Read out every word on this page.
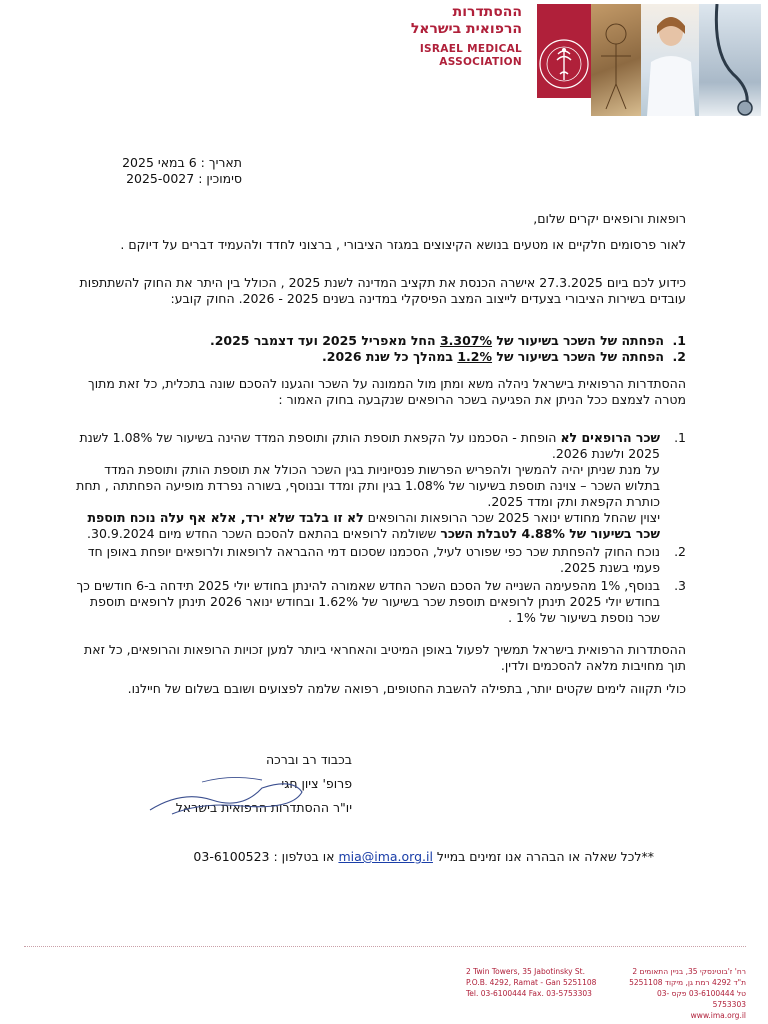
ההסתדרות
הרפואית בישראל
ISRAEL MEDICAL
ASSOCIATION
תאריך : 6 במאי 2025
סימוכין : 2025-0027
רופאות ורופאים יקרים שלום,
לאור פרסומים חלקיים או מטעים בנושא הקיצוצים במגזר הציבורי , ברצוני לחדד ולהעמיד דברים על דיוקם .
כידוע לכם ביום 27.3.2025 אישרה הכנסת את תקציב המדינה לשנת 2025 , הכולל בין היתר את החוק להשתתפות עובדים בשירות הציבורי בצעדים לייצוב המצב הפיסקלי במדינה בשנים 2025 - 2026. החוק קובע:
1.הפחתה של השכר בשיעור של 3.307% החל מאפריל 2025 ועד דצמבר 2025.
2.הפחתה של השכר בשיעור של 1.2% במהלך כל שנת 2026.
ההסתדרות הרפואית בישראל ניהלה משא ומתן מול הממונה על השכר והגענו להסכם שונה בתכלית, כל זאת מתוך מטרה לצמצם ככל הניתן את הפגיעה בשכר הרופאים שנקבעה בחוק האמור :
1.
שכר הרופאים לא הופחת - הסכמנו על הקפאת תוספת הותק ותוספת המדד שהינה בשיעור של 1.08% לשנת 2025 ולשנת 2026.
על מנת שניתן יהיה להמשיך ולהפריש הפרשות פנסיוניות בגין השכר הכולל את תוספת הותק ותוספת המדד בתלוש השכר – צוינה תוספת בשיעור של 1.08% בגין ותק ומדד ובנוסף, בשורה נפרדת מופיעה הפחתתה , תחת כותרת הקפאת ותק ומדד 2025.
יצוין שהחל מחודש ינואר 2025 שכר הרופאות והרופאים לא זו בלבד שלא ירד, אלא אף עלה נוכח תוספת שכר בשיעור של 4.88% לטבלת השכר ששולמה לרופאים בהתאם להסכם השכר החדש מיום 30.9.2024.
2.
נוכח החוק להפחתת שכר כפי שפורט לעיל, הסכמנו שסכום דמי ההבראה לרופאות ולרופאים יופחת באופן חד פעמי בשנת 2025.
3.
בנוסף, 1% מהפעימה השנייה של הסכם השכר החדש שאמורה להינתן בחודש יולי 2025 תידחה ב-6 חודשים כך בחודש יולי 2025 תינתן לרופאים תוספת שכר בשיעור של 1.62% ובחודש ינואר 2026 תינתן לרופאים תוספת שכר נוספת בשיעור של 1% .
ההסתדרות הרפואית בישראל תמשיך לפעול באופן המיטיב והאחראי ביותר למען זכויות הרופאות והרופאים, כל זאת תוך מחויבות מלאה להסכמים ולדין.
כולי תקווה לימים שקטים יותר, בתפילה להשבת החטופים, רפואה שלמה לפצועים ושובם בשלום של חיילנו.
בכבוד רב וברכה
פרופ' ציון חגי
יו"ר ההסתדרות הרפואית בישראל
**לכל שאלה או הבהרה אנו זמינים במייל mia@ima.org.il או בטלפון : 03-6100523
2 Twin Towers, 35 Jabotinsky St.
P.O.B. 4292, Ramat - Gan 5251108
Tel. 03-6100444 Fax. 03-5753303
רח' ז'בוטינסקי 35, בניין התאומים 2
ת"ד 4292 רמת גן, מיקוד 5251108
טל 03-6100444 פקס 03-5753303
www.ima.org.il
